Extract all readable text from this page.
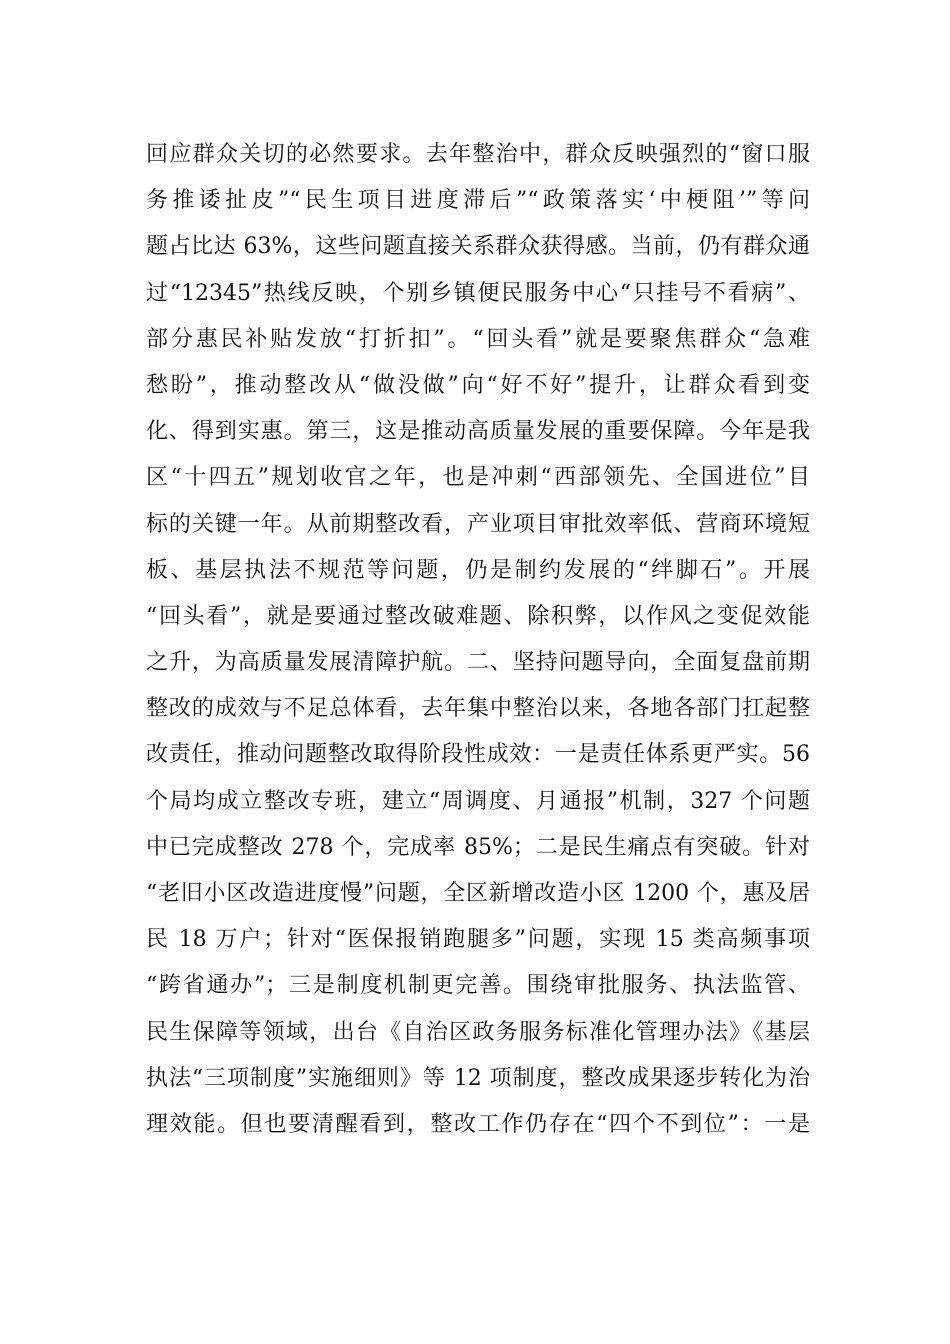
回应群众关切的必然要求。去年整治中，群众反映强烈的“窗口服
务推诿扯皮”“民生项目进度滞后”“政策落实‘中梗阻’”等问
题占比达 63%，这些问题直接关系群众获得感。当前，仍有群众通
过“12345”热线反映，个别乡镇便民服务中心“只挂号不看病”、
部分惠民补贴发放“打折扣”。“回头看”就是要聚焦群众“急难
愁盼”，推动整改从“做没做”向“好不好”提升，让群众看到变
化、得到实惠。第三，这是推动高质量发展的重要保障。今年是我
区“十四五”规划收官之年，也是冲刺“西部领先、全国进位”目
标的关键一年。从前期整改看，产业项目审批效率低、营商环境短
板、基层执法不规范等问题，仍是制约发展的“绊脚石”。开展
“回头看”，就是要通过整改破难题、除积弊，以作风之变促效能
之升，为高质量发展清障护航。二、坚持问题导向，全面复盘前期
整改的成效与不足总体看，去年集中整治以来，各地各部门扛起整
改责任，推动问题整改取得阶段性成效：一是责任体系更严实。56
个局均成立整改专班，建立“周调度、月通报”机制，327 个问题
中已完成整改 278 个，完成率 85%；二是民生痛点有突破。针对
“老旧小区改造进度慢”问题，全区新增改造小区 1200 个，惠及居
民 18 万户；针对“医保报销跑腿多”问题，实现 15 类高频事项
“跨省通办”；三是制度机制更完善。围绕审批服务、执法监管、
民生保障等领域，出台《自治区政务服务标准化管理办法》《基层
执法“三项制度”实施细则》等 12 项制度，整改成果逐步转化为治
理效能。但也要清醒看到，整改工作仍存在“四个不到位”：一是
